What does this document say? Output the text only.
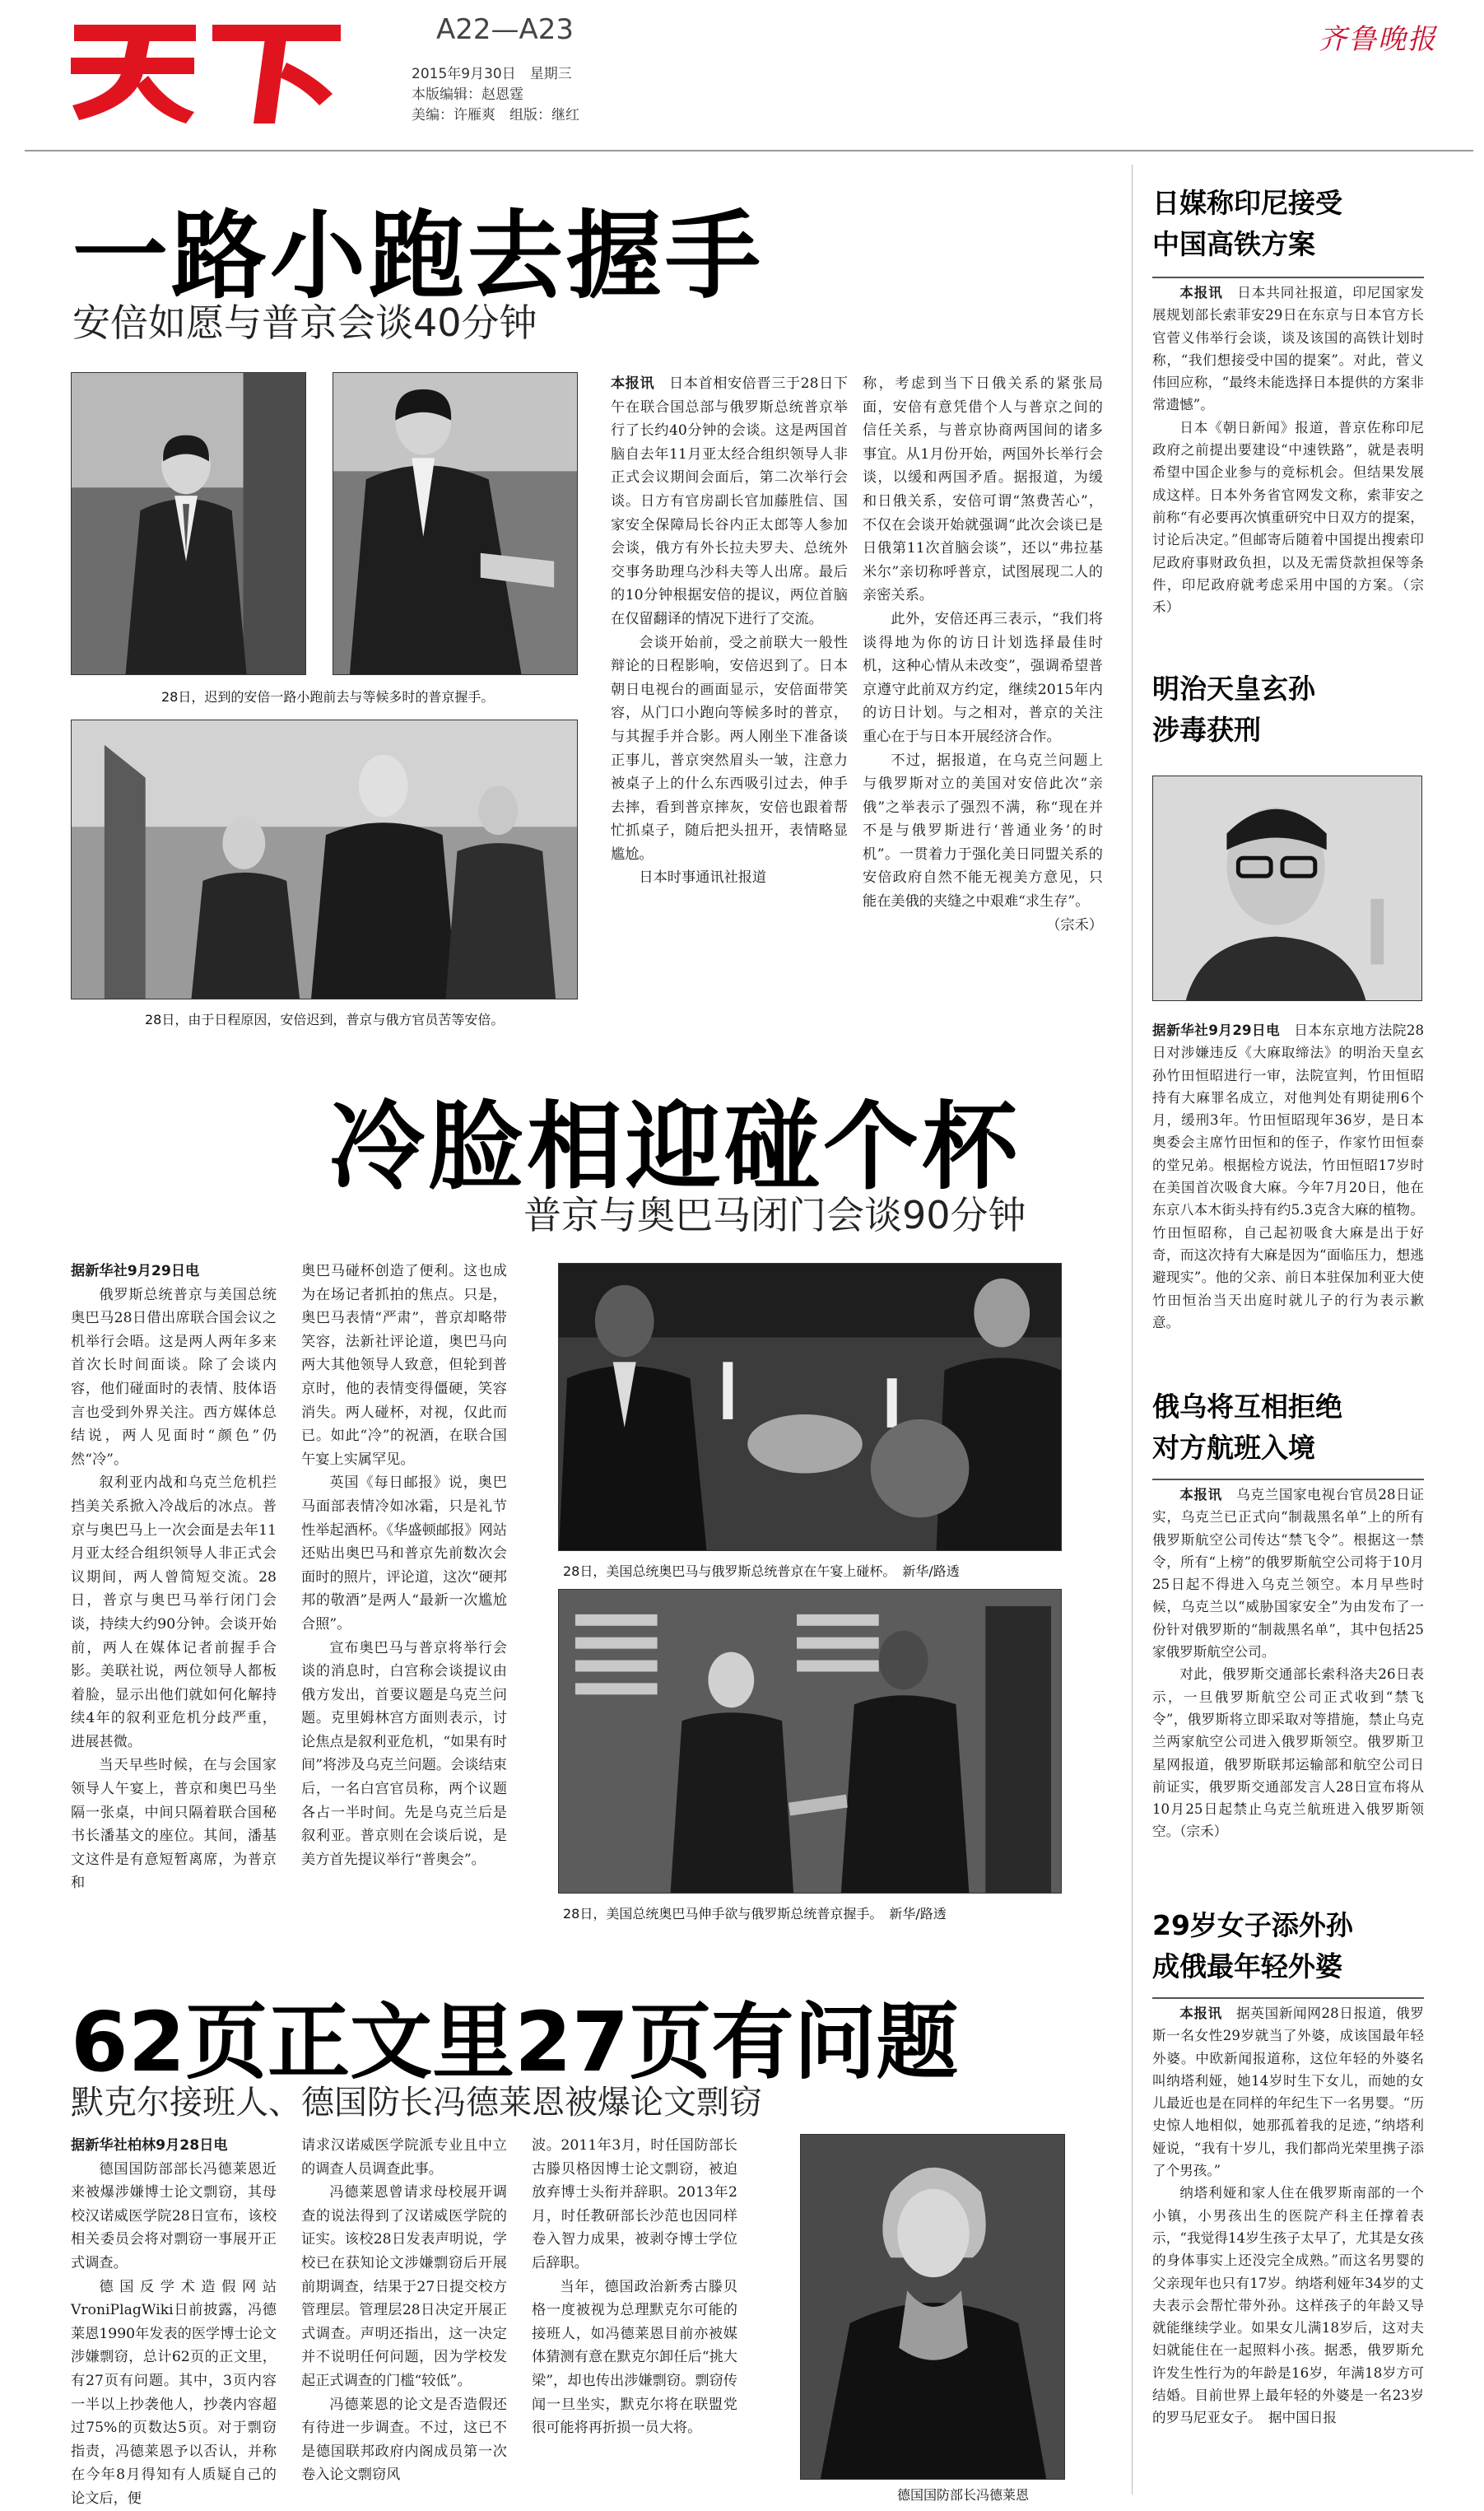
A22—A23
2015年9月30日　星期三
本版编辑：赵恩霆
美编：许雁爽　组版：继红
齐鲁晚报
一路小跑去握手
安倍如愿与普京会谈40分钟
28日，迟到的安倍一路小跑前去与等候多时的普京握手。
28日，由于日程原因，安倍迟到，普京与俄方官员苦等安倍。

本报讯　 日本首相安倍晋三于28日下午在联合国总部与俄罗斯总统普京举行了长约40分钟的会谈。这是两国首脑自去年11月亚太经合组织领导人非正式会议期间会面后，第二次举行会谈。日方有官房副长官加藤胜信、国家安全保障局长谷内正太郎等人参加会谈，俄方有外长拉夫罗夫、总统外交事务助理乌沙科夫等人出席。最后的10分钟根据安倍的提议，两位首脑在仅留翻译的情况下进行了交流。

会谈开始前，受之前联大一般性辩论的日程影响，安倍迟到了。日本朝日电视台的画面显示，安倍面带笑容，从门口小跑向等候多时的普京，与其握手并合影。两人刚坐下准备谈正事儿，普京突然眉头一皱，注意力被桌子上的什么东西吸引过去，伸手去摔，看到普京摔灰，安倍也跟着帮忙抓桌子，随后把头扭开，表情略显尴尬。

日本时事通讯社报道

称，考虑到当下日俄关系的紧张局面，安倍有意凭借个人与普京之间的信任关系，与普京协商两国间的诸多事宜。从1月份开始，两国外长举行会谈，以缓和两国矛盾。据报道，为缓和日俄关系，安倍可谓“煞费苦心”，不仅在会谈开始就强调“此次会谈已是日俄第11次首脑会谈”，还以“弗拉基米尔”亲切称呼普京，试图展现二人的亲密关系。

此外，安倍还再三表示，“我们将谈得地为你的访日计划选择最佳时机，这种心情从未改变”，强调希望普京遵守此前双方约定，继续2015年内的访日计划。与之相对，普京的关注重心在于与日本开展经济合作。

不过，据报道，在乌克兰问题上与俄罗斯对立的美国对安倍此次“亲俄”之举表示了强烈不满，称“现在并不是与俄罗斯进行‘普通业务’的时机”。一贯着力于强化美日同盟关系的安倍政府自然不能无视美方意见，只能在美俄的夹缝之中艰难“求生存”。

（宗禾）

冷脸相迎碰个杯
普京与奥巴马闭门会谈90分钟

据新华社9月29日电

俄罗斯总统普京与美国总统奥巴马28日借出席联合国会议之机举行会晤。这是两人两年多来首次长时间面谈。除了会谈内容，他们碰面时的表情、肢体语言也受到外界关注。西方媒体总结说，两人见面时“颜色”仍然“冷”。

叙利亚内战和乌克兰危机拦挡美关系掀入冷战后的冰点。普京与奥巴马上一次会面是去年11月亚太经合组织领导人非正式会议期间，两人曾简短交流。28日，普京与奥巴马举行闭门会谈，持续大约90分钟。会谈开始前，两人在媒体记者前握手合影。美联社说，两位领导人都板着脸，显示出他们就如何化解持续4年的叙利亚危机分歧严重，进展甚微。

当天早些时候，在与会国家领导人午宴上，普京和奥巴马坐隔一张桌，中间只隔着联合国秘书长潘基文的座位。其间，潘基文这件是有意短暂离席，为普京和

奥巴马碰杯创造了便利。这也成为在场记者抓拍的焦点。只是，奥巴马表情“严肃”，普京却略带笑容，法新社评论道，奥巴马向两大其他领导人致意，但轮到普京时，他的表情变得僵硬，笑容消失。两人碰杯，对视，仅此而已。如此“冷”的祝酒，在联合国午宴上实属罕见。

英国《每日邮报》说，奥巴马面部表情冷如冰霜，只是礼节性举起酒杯。《华盛顿邮报》网站还贴出奥巴马和普京先前数次会面时的照片，评论道，这次“硬邦邦的敬酒”是两人“最新一次尴尬合照”。

宣布奥巴马与普京将举行会谈的消息时，白宫称会谈提议由俄方发出，首要议题是乌克兰问题。克里姆林宫方面则表示，讨论焦点是叙利亚危机，“如果有时间”将涉及乌克兰问题。会谈结束后，一名白宫官员称，两个议题各占一半时间。先是乌克兰后是叙利亚。普京则在会谈后说，是美方首先提议举行“普奥会”。

28日，美国总统奥巴马与俄罗斯总统普京在午宴上碰杯。　新华/路透
28日，美国总统奥巴马伸手欲与俄罗斯总统普京握手。　新华/路透
62页正文里27页有问题
默克尔接班人、德国防长冯德莱恩被爆论文剽窃

据新华社柏林9月28日电

德国国防部部长冯德莱恩近来被爆涉嫌博士论文剽窃，其母校汉诺威医学院28日宣布，该校相关委员会将对剽窃一事展开正式调查。

德国反学术造假网站VroniPlagWiki日前披露，冯德莱恩1990年发表的医学博士论文涉嫌剽窃，总计62页的正文里，有27页有问题。其中，3页内容一半以上抄袭他人，抄袭内容超过75%的页数达5页。对于剽窃指责，冯德莱恩予以否认，并称在今年8月得知有人质疑自己的论文后，便

请求汉诺威医学院派专业且中立的调查人员调查此事。

冯德莱恩曾请求母校展开调查的说法得到了汉诺威医学院的证实。该校28日发表声明说，学校已在获知论文涉嫌剽窃后开展前期调查，结果于27日提交校方管理层。管理层28日决定开展正式调查。声明还指出，这一决定并不说明任何问题，因为学校发起正式调查的门槛“较低”。

冯德莱恩的论文是否造假还有待进一步调查。不过，这已不是德国联邦政府内阁成员第一次卷入论文剽窃风

波。2011年3月，时任国防部长古滕贝格因博士论文剽窃，被迫放弃博士头衔并辞职。2013年2月，时任教研部长沙范也因同样卷入智力成果，被剥夺博士学位后辞职。

当年，德国政治新秀古滕贝格一度被视为总理默克尔可能的接班人，如冯德莱恩目前亦被媒体猜测有意在默克尔卸任后“挑大梁”，却也传出涉嫌剽窃。剽窃传闻一旦坐实，默克尔将在联盟党很可能将再折损一员大将。

德国国防部长冯德莱恩
日媒称印尼接受
中国高铁方案

本报讯　 日本共同社报道，印尼国家发展规划部长索菲安29日在东京与日本官方长官菅义伟举行会谈，谈及该国的高铁计划时称，“我们想接受中国的提案”。对此，菅义伟回应称，“最终未能选择日本提供的方案非常遗憾”。

日本《朝日新闻》报道，普京佐称印尼政府之前提出要建设“中速铁路”，就是表明希望中国企业参与的竞标机会。但结果发展成这样。日本外务省官网发文称，索菲安之前称“有必要再次慎重研究中日双方的提案，讨论后决定。”但邮寄后随着中国提出搜索印尼政府事财政负担，以及无需贷款担保等条件，印尼政府就考虑采用中国的方案。（宗禾）

明治天皇玄孙
涉毒获刑

据新华社9月29日电　 日本东京地方法院28日对涉嫌违反《大麻取缔法》的明治天皇玄孙竹田恒昭进行一审，法院宣判，竹田恒昭持有大麻罪名成立，对他判处有期徒刑6个月，缓刑3年。竹田恒昭现年36岁，是日本奥委会主席竹田恒和的侄子，作家竹田恒泰的堂兄弟。根据检方说法，竹田恒昭17岁时在美国首次吸食大麻。今年7月20日，他在东京八本木街头持有约5.3克含大麻的植物。竹田恒昭称，自己起初吸食大麻是出于好奇，而这次持有大麻是因为“面临压力，想逃避现实”。他的父亲、前日本驻保加利亚大使竹田恒治当天出庭时就儿子的行为表示歉意。

俄乌将互相拒绝
对方航班入境

本报讯　 乌克兰国家电视台官员28日证实，乌克兰已正式向“制裁黑名单”上的所有俄罗斯航空公司传达“禁飞令”。根据这一禁令，所有“上榜”的俄罗斯航空公司将于10月25日起不得进入乌克兰领空。本月早些时候，乌克兰以“威胁国家安全”为由发布了一份针对俄罗斯的“制裁黑名单”，其中包括25家俄罗斯航空公司。

对此，俄罗斯交通部长索科洛夫26日表示，一旦俄罗斯航空公司正式收到“禁飞令”，俄罗斯将立即采取对等措施，禁止乌克兰两家航空公司进入俄罗斯领空。俄罗斯卫星网报道，俄罗斯联邦运输部和航空公司日前证实，俄罗斯交通部发言人28日宣布将从10月25日起禁止乌克兰航班进入俄罗斯领空。（宗禾）

29岁女子添外孙
成俄最年轻外婆

本报讯　 据英国新闻网28日报道，俄罗斯一名女性29岁就当了外婆，成该国最年轻外婆。中欧新闻报道称，这位年轻的外婆名叫纳塔利娅，她14岁时生下女儿，而她的女儿最近也是在同样的年纪生下一名男婴。“历史惊人地相似，她那孤着我的足迹，”纳塔利娅说，“我有十岁儿，我们都尚光荣里携子添了个男孩。”

纳塔利娅和家人住在俄罗斯南部的一个小镇，小男孩出生的医院产科主任撑着表示，“我觉得14岁生孩子太早了，尤其是女孩的身体事实上还没完全成熟。”而这名男婴的父亲现年也只有17岁。纳塔利娅年34岁的丈夫表示会帮忙带外孙。这样孩子的年龄又导就能继续学业。如果女儿满18岁后，这对夫妇就能住在一起照料小孩。据悉，俄罗斯允许发生性行为的年龄是16岁，年满18岁方可结婚。目前世界上最年轻的外婆是一名23岁的罗马尼亚女子。　 据中国日报
